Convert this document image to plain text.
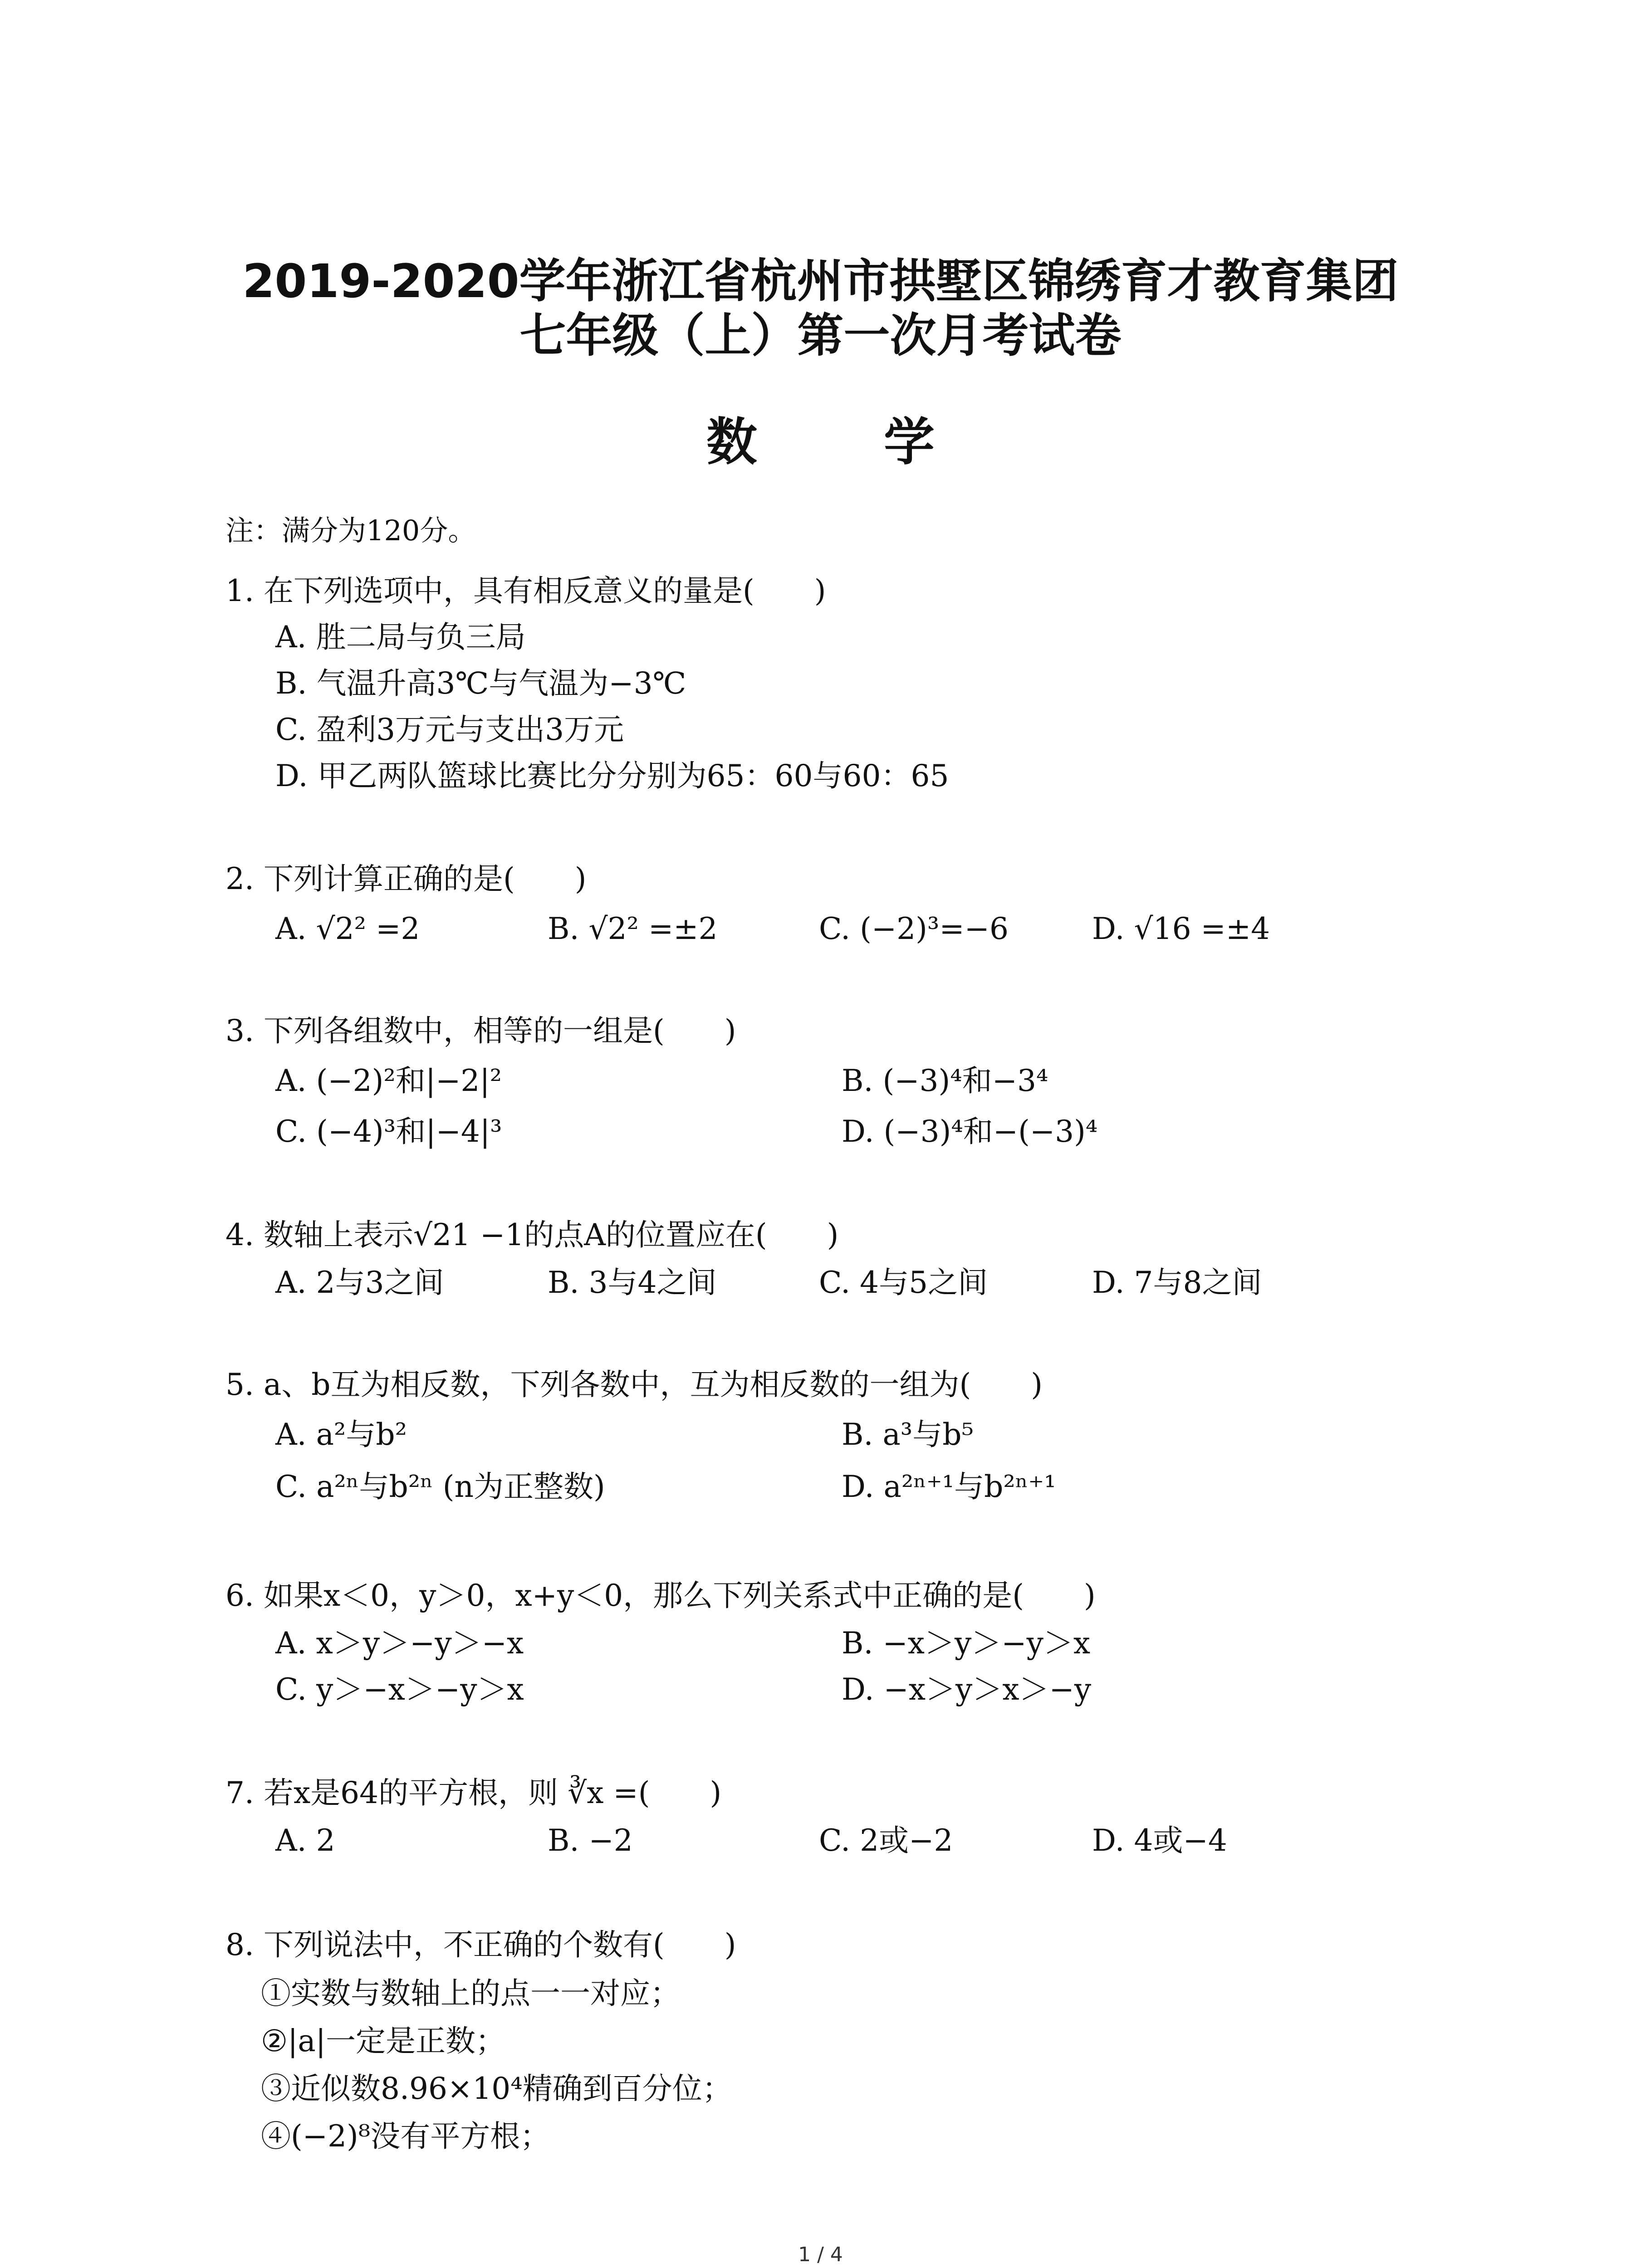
2019-2020学年浙江省杭州市拱墅区锦绣育才教育集团
七年级（上）第一次月考试卷
数 学
注：满分为120分。
1. 在下列选项中，具有相反意义的量是(　　)
A. 胜二局与负三局
B. 气温升高3℃与气温为−3℃
C. 盈利3万元与支出3万元
D. 甲乙两队篮球比赛比分分别为65：60与60：65
2. 下列计算正确的是(　　)
A. √2² =2	B. √2² =±2	C. (−2)³=−6	D. √16 =±4
3. 下列各组数中，相等的一组是(　　)
A. (−2)²和|−2|²	B. (−3)⁴和−3⁴
C. (−4)³和|−4|³	D. (−3)⁴和−(−3)⁴
4. 数轴上表示√21 −1的点A的位置应在(　　)
A. 2与3之间	B. 3与4之间	C. 4与5之间	D. 7与8之间
5. a、b互为相反数，下列各数中，互为相反数的一组为(　　)
A. a²与b²	B. a³与b⁵
C. a²ⁿ与b²ⁿ (n为正整数)	D. a²ⁿ⁺¹与b²ⁿ⁺¹
6. 如果x＜0，y＞0，x+y＜0，那么下列关系式中正确的是(　　)
A. x＞y＞−y＞−x	B. −x＞y＞−y＞x
C. y＞−x＞−y＞x	D. −x＞y＞x＞−y
7. 若x是64的平方根，则 ∛x =(　　)
A. 2	B. −2	C. 2或−2	D. 4或−4
8. 下列说法中，不正确的个数有(　　)
①实数与数轴上的点一一对应；
②|a|一定是正数；
③近似数8.96×10⁴精确到百分位；
④(−2)⁸没有平方根；
1 / 4
